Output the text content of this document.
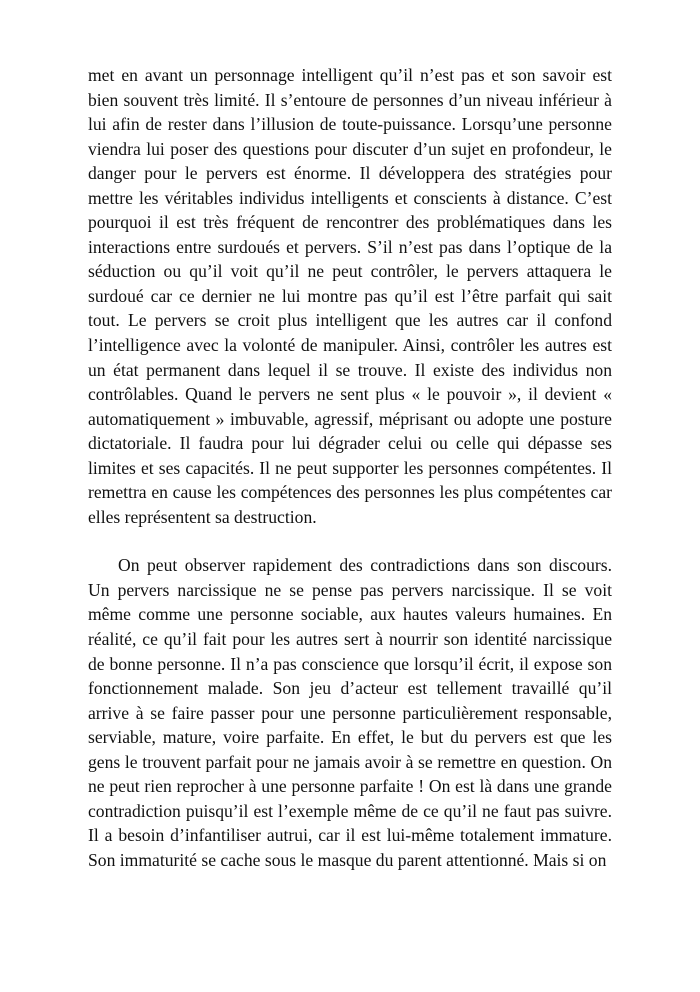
met en avant un personnage intelligent qu’il n’est pas et son savoir est bien souvent très limité. Il s’entoure de personnes d’un niveau inférieur à lui afin de rester dans l’illusion de toute-puissance. Lorsqu’une personne viendra lui poser des questions pour discuter d’un sujet en profondeur, le danger pour le pervers est énorme. Il développera des stratégies pour mettre les véritables individus intelligents et conscients à distance. C’est pourquoi il est très fréquent de rencontrer des problématiques dans les interactions entre surdoués et pervers. S’il n’est pas dans l’optique de la séduction ou qu’il voit qu’il ne peut contrôler, le pervers attaquera le surdoué car ce dernier ne lui montre pas qu’il est l’être parfait qui sait tout. Le pervers se croit plus intelligent que les autres car il confond l’intelligence avec la volonté de manipuler. Ainsi, contrôler les autres est un état permanent dans lequel il se trouve. Il existe des individus non contrôlables. Quand le pervers ne sent plus « le pouvoir », il devient « automatiquement » imbuvable, agressif, méprisant ou adopte une posture dictatoriale. Il faudra pour lui dégrader celui ou celle qui dépasse ses limites et ses capacités. Il ne peut supporter les personnes compétentes. Il remettra en cause les compétences des personnes les plus compétentes car elles représentent sa destruction.

On peut observer rapidement des contradictions dans son discours. Un pervers narcissique ne se pense pas pervers narcissique. Il se voit même comme une personne sociable, aux hautes valeurs humaines. En réalité, ce qu’il fait pour les autres sert à nourrir son identité narcissique de bonne personne. Il n’a pas conscience que lorsqu’il écrit, il expose son fonctionnement malade. Son jeu d’acteur est tellement travaillé qu’il arrive à se faire passer pour une personne particulièrement responsable, serviable, mature, voire parfaite. En effet, le but du pervers est que les gens le trouvent parfait pour ne jamais avoir à se remettre en question. On ne peut rien reprocher à une personne parfaite ! On est là dans une grande contradiction puisqu’il est l’exemple même de ce qu’il ne faut pas suivre. Il a besoin d’infantiliser autrui, car il est lui-même totalement immature. Son immaturité se cache sous le masque du parent attentionné. Mais si on
